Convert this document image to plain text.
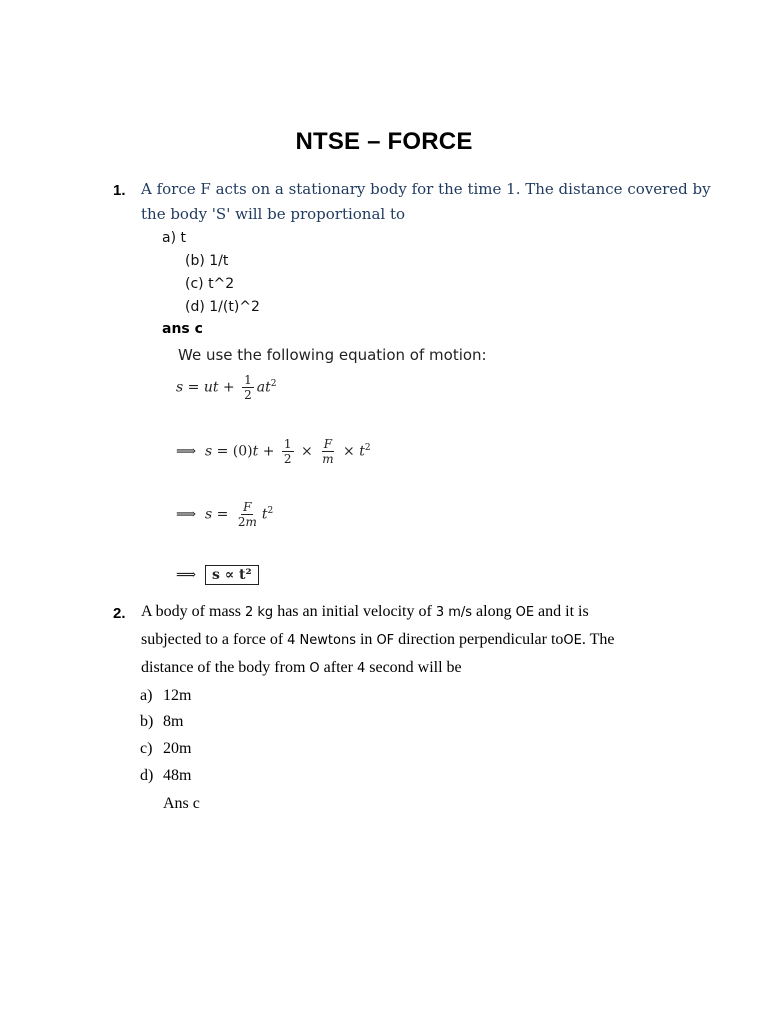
NTSE – FORCE
1. A force F acts on a stationary body for the time 1. The distance covered by
the body 'S' will be proportional to
a) t
(b) 1/t
(c) t^2
(d) 1/(t)^2
ans c
We use the following equation of motion:
s = ut + $\frac{1}{2} at^2$
⟹  $s = (0)t + \frac{1}{2} \times \frac{F}{m} \times t^2$
⟹  $s = \frac{F}{2m} t^2$
⟹ s ∝ t²
2. A body of mass 2 kg has an initial velocity of 3 m/s along OE and it is
subjected to a force of 4 Newtons in OF direction perpendicular toOE. The
distance of the body from O after 4 second will be
a) 12m
b) 8m
c) 20m
d) 48m
Ans c
